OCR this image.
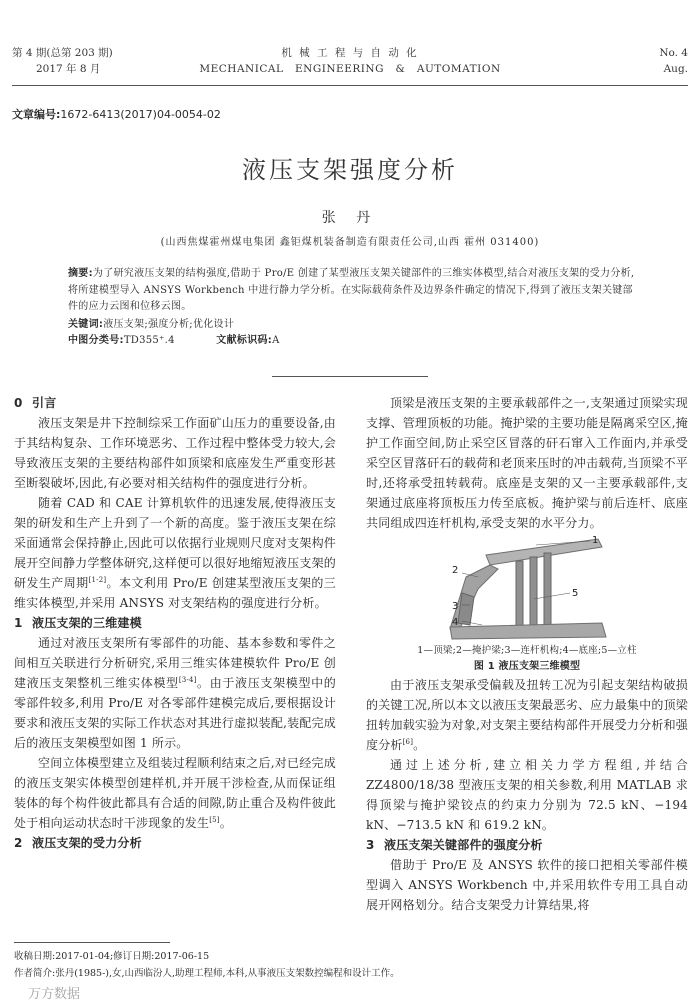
第 4 期(总第 203 期)
2017 年 8 月
机 械 工 程 与 自 动 化
MECHANICAL   ENGINEERING   &   AUTOMATION
No. 4
Aug.
文章编号:1672-6413(2017)04-0054-02
液压支架强度分析
张 丹
(山西焦煤霍州煤电集团 鑫钜煤机装备制造有限责任公司,山西 霍州 031400)
摘要:为了研究液压支架的结构强度,借助于 Pro/E 创建了某型液压支架关键部件的三维实体模型,结合对液压支架的受力分析,将所建模型导入 ANSYS Workbench 中进行静力学分析。在实际载荷条件及边界条件确定的情况下,得到了液压支架关键部件的应力云图和位移云图。
关键词:液压支架;强度分析;优化设计
中图分类号:TD355⁺.4	文献标识码:A
0 引言

液压支架是井下控制综采工作面矿山压力的重要设备,由于其结构复杂、工作环境恶劣、工作过程中整体受力较大,会导致液压支架的主要结构部件如顶梁和底座发生严重变形甚至断裂破坏,因此,有必要对相关结构件的强度进行分析。

随着 CAD 和 CAE 计算机软件的迅速发展,使得液压支架的研发和生产上升到了一个新的高度。鉴于液压支架在综采面通常会保持静止,因此可以依据行业规则尺度对支架构件展开空间静力学整体研究,这样便可以很好地缩短液压支架的研发生产周期[1-2]。本文利用 Pro/E 创建某型液压支架的三维实体模型,并采用 ANSYS 对支架结构的强度进行分析。

1 液压支架的三维建模

通过对液压支架所有零部件的功能、基本参数和零件之间相互关联进行分析研究,采用三维实体建模软件 Pro/E 创建液压支架整机三维实体模型[3-4]。由于液压支架模型中的零部件较多,利用 Pro/E 对各零部件建模完成后,要根据设计要求和液压支架的实际工作状态对其进行虚拟装配,装配完成后的液压支架模型如图 1 所示。

空间立体模型建立及组装过程顺利结束之后,对已经完成的液压支架实体模型创建样机,并开展干涉检查,从而保证组装体的每个构件彼此都具有合适的间隙,防止重合及构件彼此处于相向运动状态时干涉现象的发生[5]。

2 液压支架的受力分析

顶梁是液压支架的主要承载部件之一,支架通过顶梁实现支撑、管理顶板的功能。掩护梁的主要功能是隔离采空区,掩护工作面空间,防止采空区冒落的矸石窜入工作面内,并承受采空区冒落矸石的载荷和老顶来压时的冲击载荷,当顶梁不平时,还将承受扭转载荷。底座是支架的又一主要承载部件,支架通过底座将顶板压力传至底板。掩护梁与前后连杆、底座共同组成四连杆机构,承受支架的水平分力。

1
2
3
4
5
1—顶梁;2—掩护梁;3—连杆机构;4—底座;5—立柱
图 1 液压支架三维模型

由于液压支架承受偏载及扭转工况为引起支架结构破损的关键工况,所以本文以液压支架最恶劣、应力最集中的顶梁扭转加载实验为对象,对支架主要结构部件开展受力分析和强度分析[6]。

通过上述分析,建立相关力学方程组,并结合 ZZ4800/18/38 型液压支架的相关参数,利用 MATLAB 求得顶梁与掩护梁铰点的约束力分别为 72.5 kN、−194 kN、−713.5 kN 和 619.2 kN。

3 液压支架关键部件的强度分析

借助于 Pro/E 及 ANSYS 软件的接口把相关零部件模型调入 ANSYS Workbench 中,并采用软件专用工具自动展开网格划分。结合支架受力计算结果,将

收稿日期:2017-01-04;修订日期:2017-06-15
作者简介:张丹(1985-),女,山西临汾人,助理工程师,本科,从事液压支架数控编程和设计工作。
万方数据
